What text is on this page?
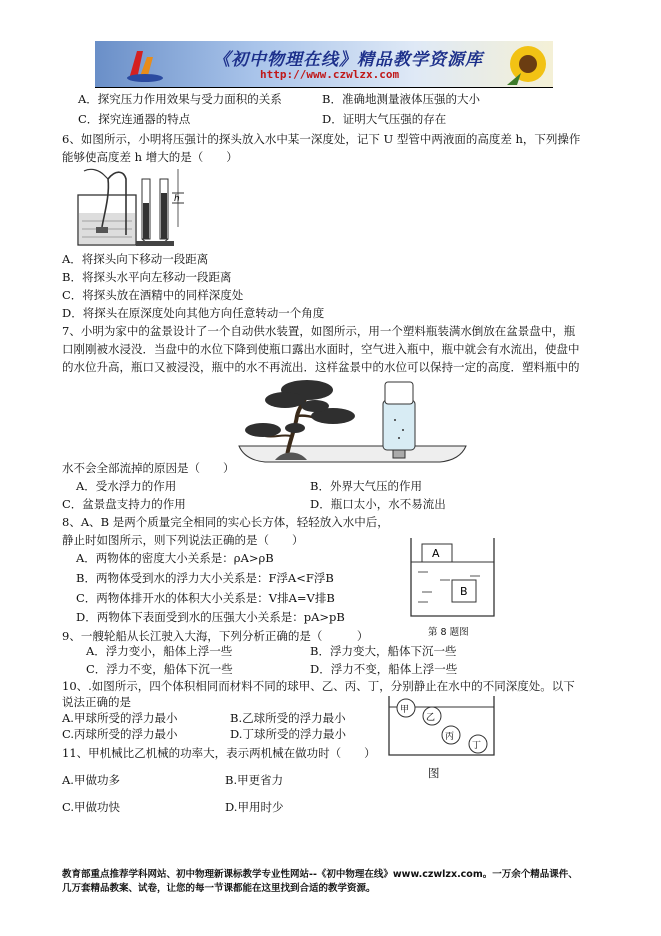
《初中物理在线》精品教学资源库
http://www.czwlzx.com
A．探究压力作用效果与受力面积的关系	B．准确地测量液体压强的大小
C．探究连通器的特点	D．证明大气压强的存在
6、如图所示，小明将压强计的探头放入水中某一深度处，记下 U 型管中两液面的高度差 h，下列操作
能够使高度差 h 增大的是（　　）
h
A．将探头向下移动一段距离
B．将探头水平向左移动一段距离
C．将探头放在酒精中的同样深度处
D．将探头在原深度处向其他方向任意转动一个角度
7、小明为家中的盆景设计了一个自动供水装置，如图所示，用一个塑料瓶装满水倒放在盆景盘中，瓶
口刚刚被水浸没．当盘中的水位下降到使瓶口露出水面时，空气进入瓶中，瓶中就会有水流出，使盘中
的水位升高，瓶口又被浸没，瓶中的水不再流出．这样盆景中的水位可以保持一定的高度．塑料瓶中的
水不会全部流掉的原因是（　　）
A．受水浮力的作用	B．外界大气压的作用
C．盆景盘支持力的作用	D．瓶口太小，水不易流出
8、A、B 是两个质量完全相同的实心长方体，轻轻放入水中后，
静止时如图所示，则下列说法正确的是（　　）
A．两物体的密度大小关系是：ρA>ρB
B．两物体受到水的浮力大小关系是：F浮A<F浮B
C．两物体排开水的体积大小关系是：V排A=V排B
D．两物体下表面受到水的压强大小关系是：pA>pB
A
B
第 8 题图
9、一艘轮船从长江驶入大海，下列分析正确的是（　　　）
A．浮力变小，船体上浮一些	B．浮力变大，船体下沉一些
C．浮力不变，船体下沉一些	D．浮力不变，船体上浮一些
10、.如图所示，四个体积相同而材料不同的球甲、乙、丙、丁，分别静止在水中的不同深度处。以下
说法正确的是
A.甲球所受的浮力最小	B.乙球所受的浮力最小
C.丙球所受的浮力最小	D.丁球所受的浮力最小
甲
乙
丙
丁
图
11、甲机械比乙机械的功率大，表示两机械在做功时（　　）
A.甲做功多	B.甲更省力
C.甲做功快	D.甲用时少
教育部重点推荐学科网站、初中物理新课标教学专业性网站--《初中物理在线》www.czwlzx.com。一万余个精品课件、
几万套精品教案、试卷，让您的每一节课都能在这里找到合适的教学资源。
